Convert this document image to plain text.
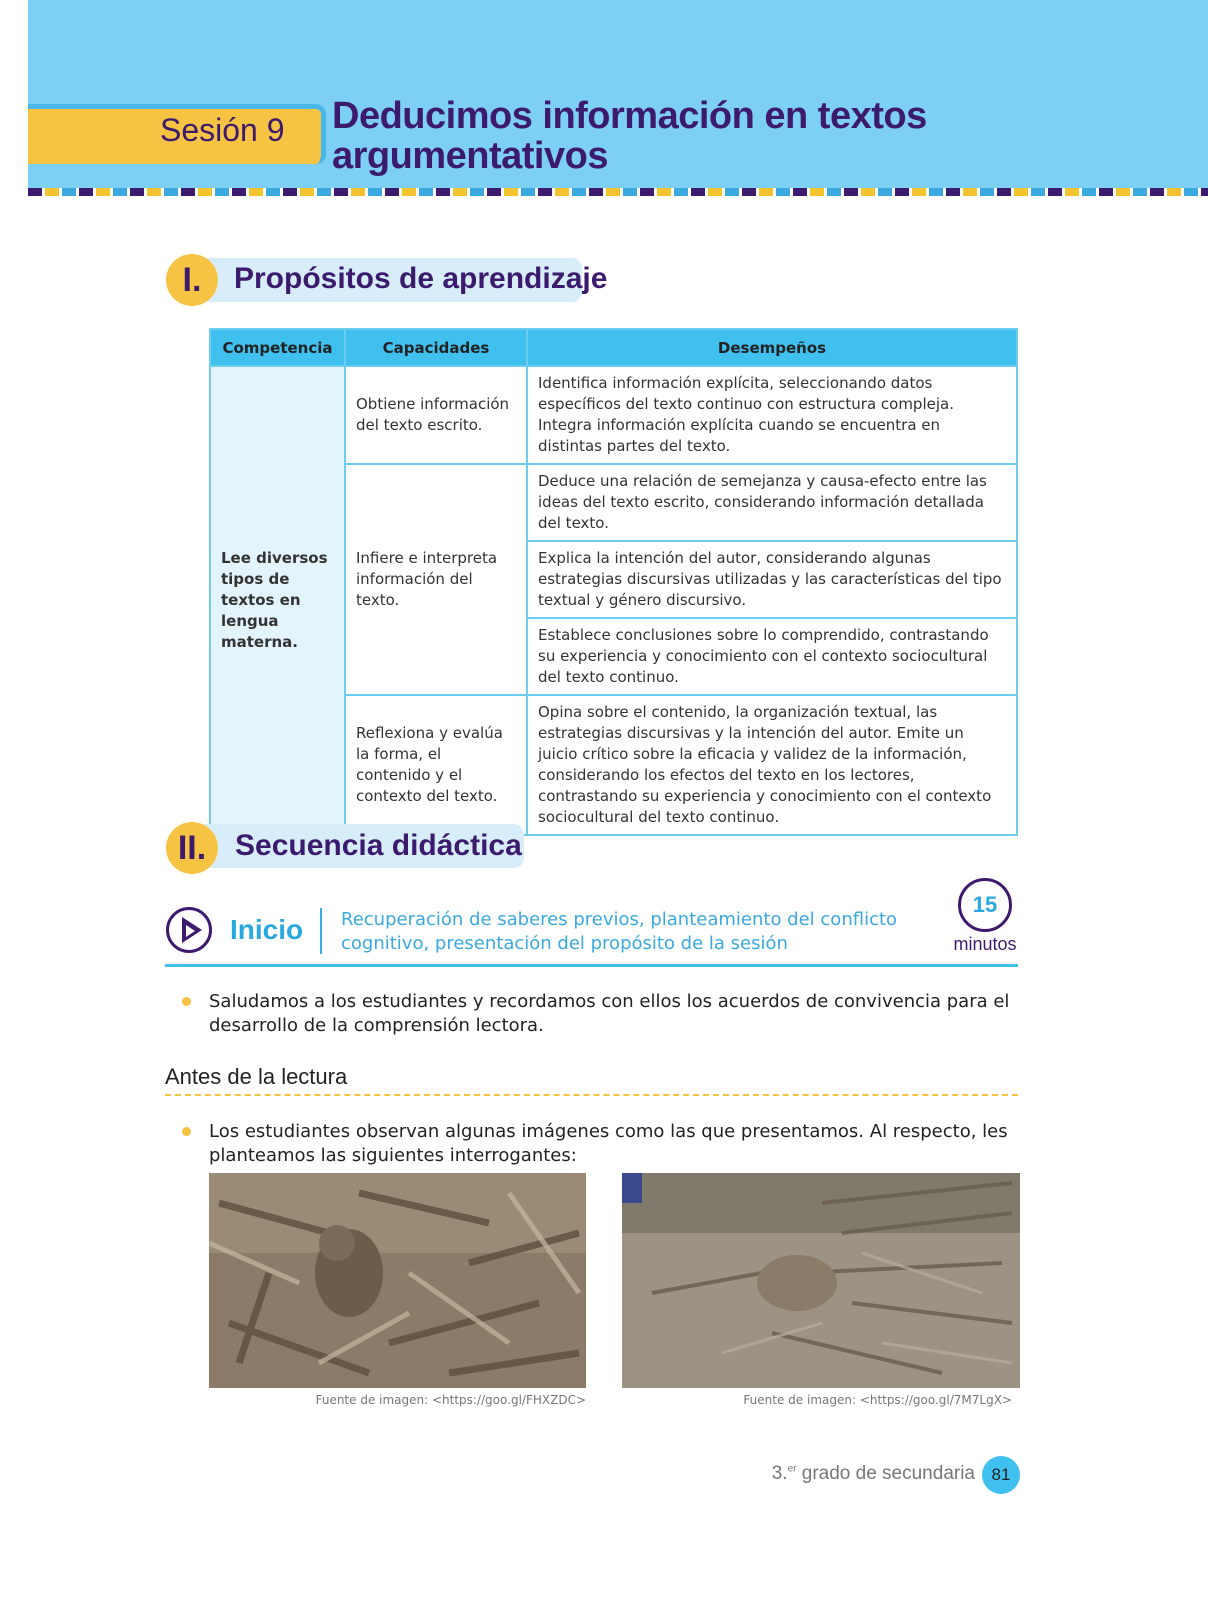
Sesión 9 Deducimos información en textos argumentativos
I.	Propósitos de aprendizaje
Competencia	Capacidades	Desempeños
Lee diversos tipos de textos en lengua materna.	Obtiene información del texto escrito.	Identifica información explícita, seleccionando datos específicos del texto continuo con estructura compleja. Integra información explícita cuando se encuentra en distintas partes del texto.
	Infiere e interpreta información del texto.	Deduce una relación de semejanza y causa-efecto entre las ideas del texto escrito, considerando información detallada del texto.
		Explica la intención del autor, considerando algunas estrategias discursivas utilizadas y las características del tipo textual y género discursivo.
		Establece conclusiones sobre lo comprendido, contrastando su experiencia y conocimiento con el contexto sociocultural del texto continuo.
	Reflexiona y evalúa la forma, el contenido y el contexto del texto.	Opina sobre el contenido, la organización textual, las estrategias discursivas y la intención del autor. Emite un juicio crítico sobre la eficacia y validez de la información, considerando los efectos del texto en los lectores, contrastando su experiencia y conocimiento con el contexto sociocultural del texto continuo.
II. Secuencia didáctica
Inicio Recuperación de saberes previos, planteamiento del conflicto cognitivo, presentación del propósito de la sesión
15
minutos
Saludamos a los estudiantes y recordamos con ellos los acuerdos de convivencia para el desarrollo de la comprensión lectora.
Antes de la lectura
Los estudiantes observan algunas imágenes como las que presentamos. Al respecto, les planteamos las siguientes interrogantes:
Fuente de imagen: <https://goo.gl/FHXZDC>	Fuente de imagen: <https://goo.gl/7M7LgX>
3.$^{er}$ grado de secundaria 81
